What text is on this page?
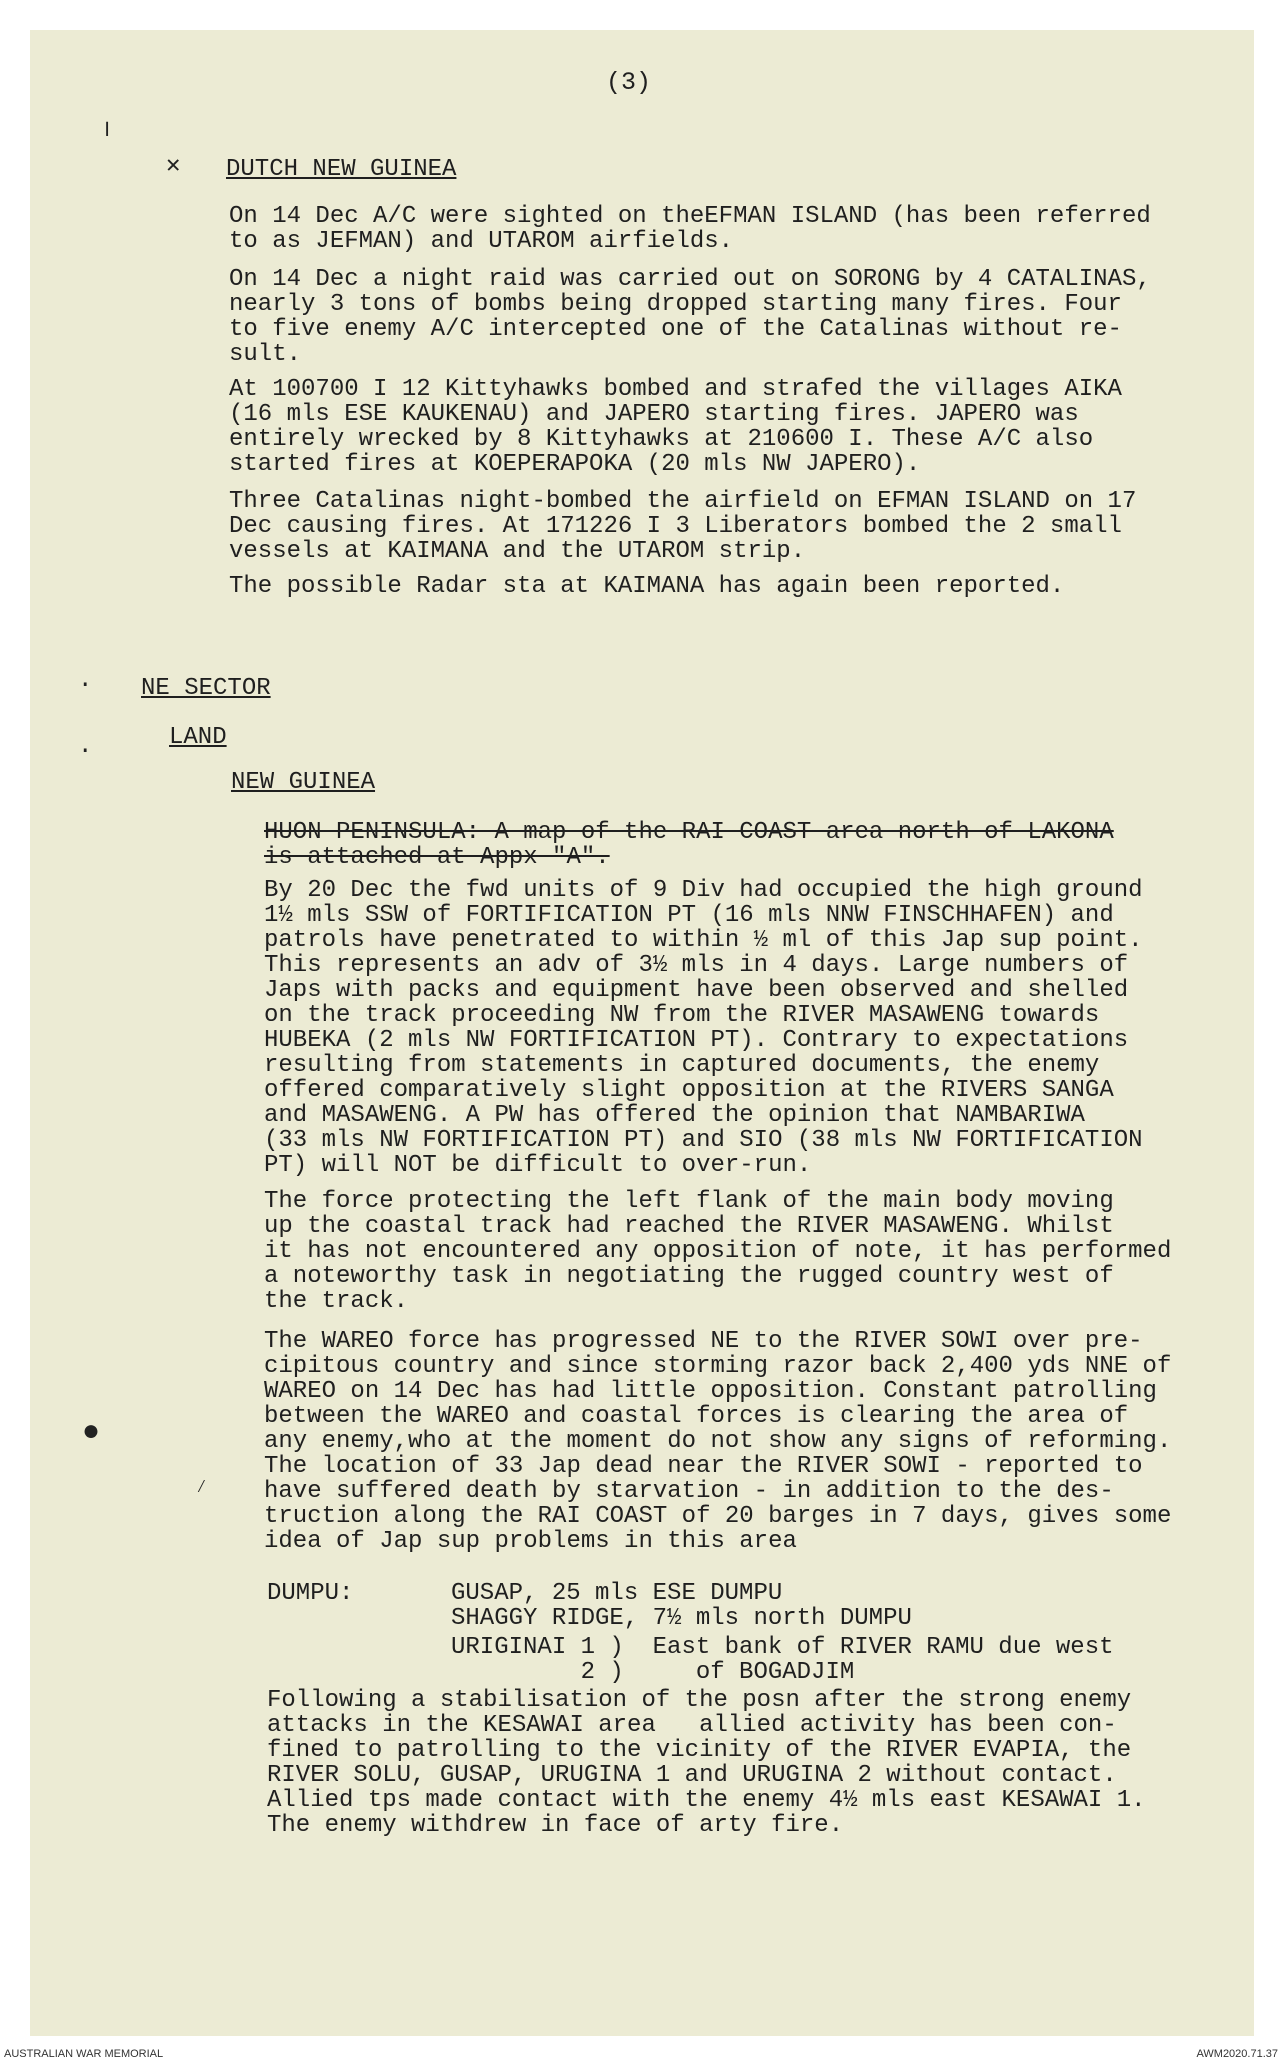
(3)
╷
✕
·
·
●
⁄
DUTCH NEW GUINEA
On 14 Dec A/C were sighted on theEFMAN ISLAND (has been referred
to as JEFMAN) and UTAROM airfields.
On 14 Dec a night raid was carried out on SORONG by 4 CATALINAS,
nearly 3 tons of bombs being dropped starting many fires. Four
to five enemy A/C intercepted one of the Catalinas without re-
sult.
At 100700 I 12 Kittyhawks bombed and strafed the villages AIKA
(16 mls ESE KAUKENAU) and JAPERO starting fires. JAPERO was
entirely wrecked by 8 Kittyhawks at 210600 I. These A/C also
started fires at KOEPERAPOKA (20 mls NW JAPERO).
Three Catalinas night-bombed the airfield on EFMAN ISLAND on 17
Dec causing fires. At 171226 I 3 Liberators bombed the 2 small
vessels at KAIMANA and the UTAROM strip.
The possible Radar sta at KAIMANA has again been reported.
NE SECTOR
LAND
NEW GUINEA
HUON PENINSULA: A map of the RAI COAST area north of LAKONA
is attached at Appx "A".
By 20 Dec the fwd units of 9 Div had occupied the high ground
1½ mls SSW of FORTIFICATION PT (16 mls NNW FINSCHHAFEN) and
patrols have penetrated to within ½ ml of this Jap sup point.
This represents an adv of 3½ mls in 4 days. Large numbers of
Japs with packs and equipment have been observed and shelled
on the track proceeding NW from the RIVER MASAWENG towards
HUBEKA (2 mls NW FORTIFICATION PT). Contrary to expectations
resulting from statements in captured documents, the enemy
offered comparatively slight opposition at the RIVERS SANGA
and MASAWENG. A PW has offered the opinion that NAMBARIWA
(33 mls NW FORTIFICATION PT) and SIO (38 mls NW FORTIFICATION
PT) will NOT be difficult to over-run.
The force protecting the left flank of the main body moving
up the coastal track had reached the RIVER MASAWENG. Whilst
it has not encountered any opposition of note, it has performed
a noteworthy task in negotiating the rugged country west of
the track.
The WAREO force has progressed NE to the RIVER SOWI over pre-
cipitous country and since storming razor back 2,400 yds NNE of
WAREO on 14 Dec has had little opposition. Constant patrolling
between the WAREO and coastal forces is clearing the area of
any enemy,who at the moment do not show any signs of reforming.
The location of 33 Jap dead near the RIVER SOWI - reported to
have suffered death by starvation - in addition to the des-
truction along the RAI COAST of 20 barges in 7 days, gives some
idea of Jap sup problems in this area
DUMPU:	GUSAP, 25 mls ESE DUMPU
SHAGGY RIDGE, 7½ mls north DUMPU
URIGINAI 1 )  East bank of RIVER RAMU due west
2 )     of BOGADJIM
Following a stabilisation of the posn after the strong enemy
attacks in the KESAWAI area   allied activity has been con-
fined to patrolling to the vicinity of the RIVER EVAPIA, the
RIVER SOLU, GUSAP, URUGINA 1 and URUGINA 2 without contact.
Allied tps made contact with the enemy 4½ mls east KESAWAI 1.
The enemy withdrew in face of arty fire.
AUSTRALIAN WAR MEMORIAL	AWM2020.71.37
